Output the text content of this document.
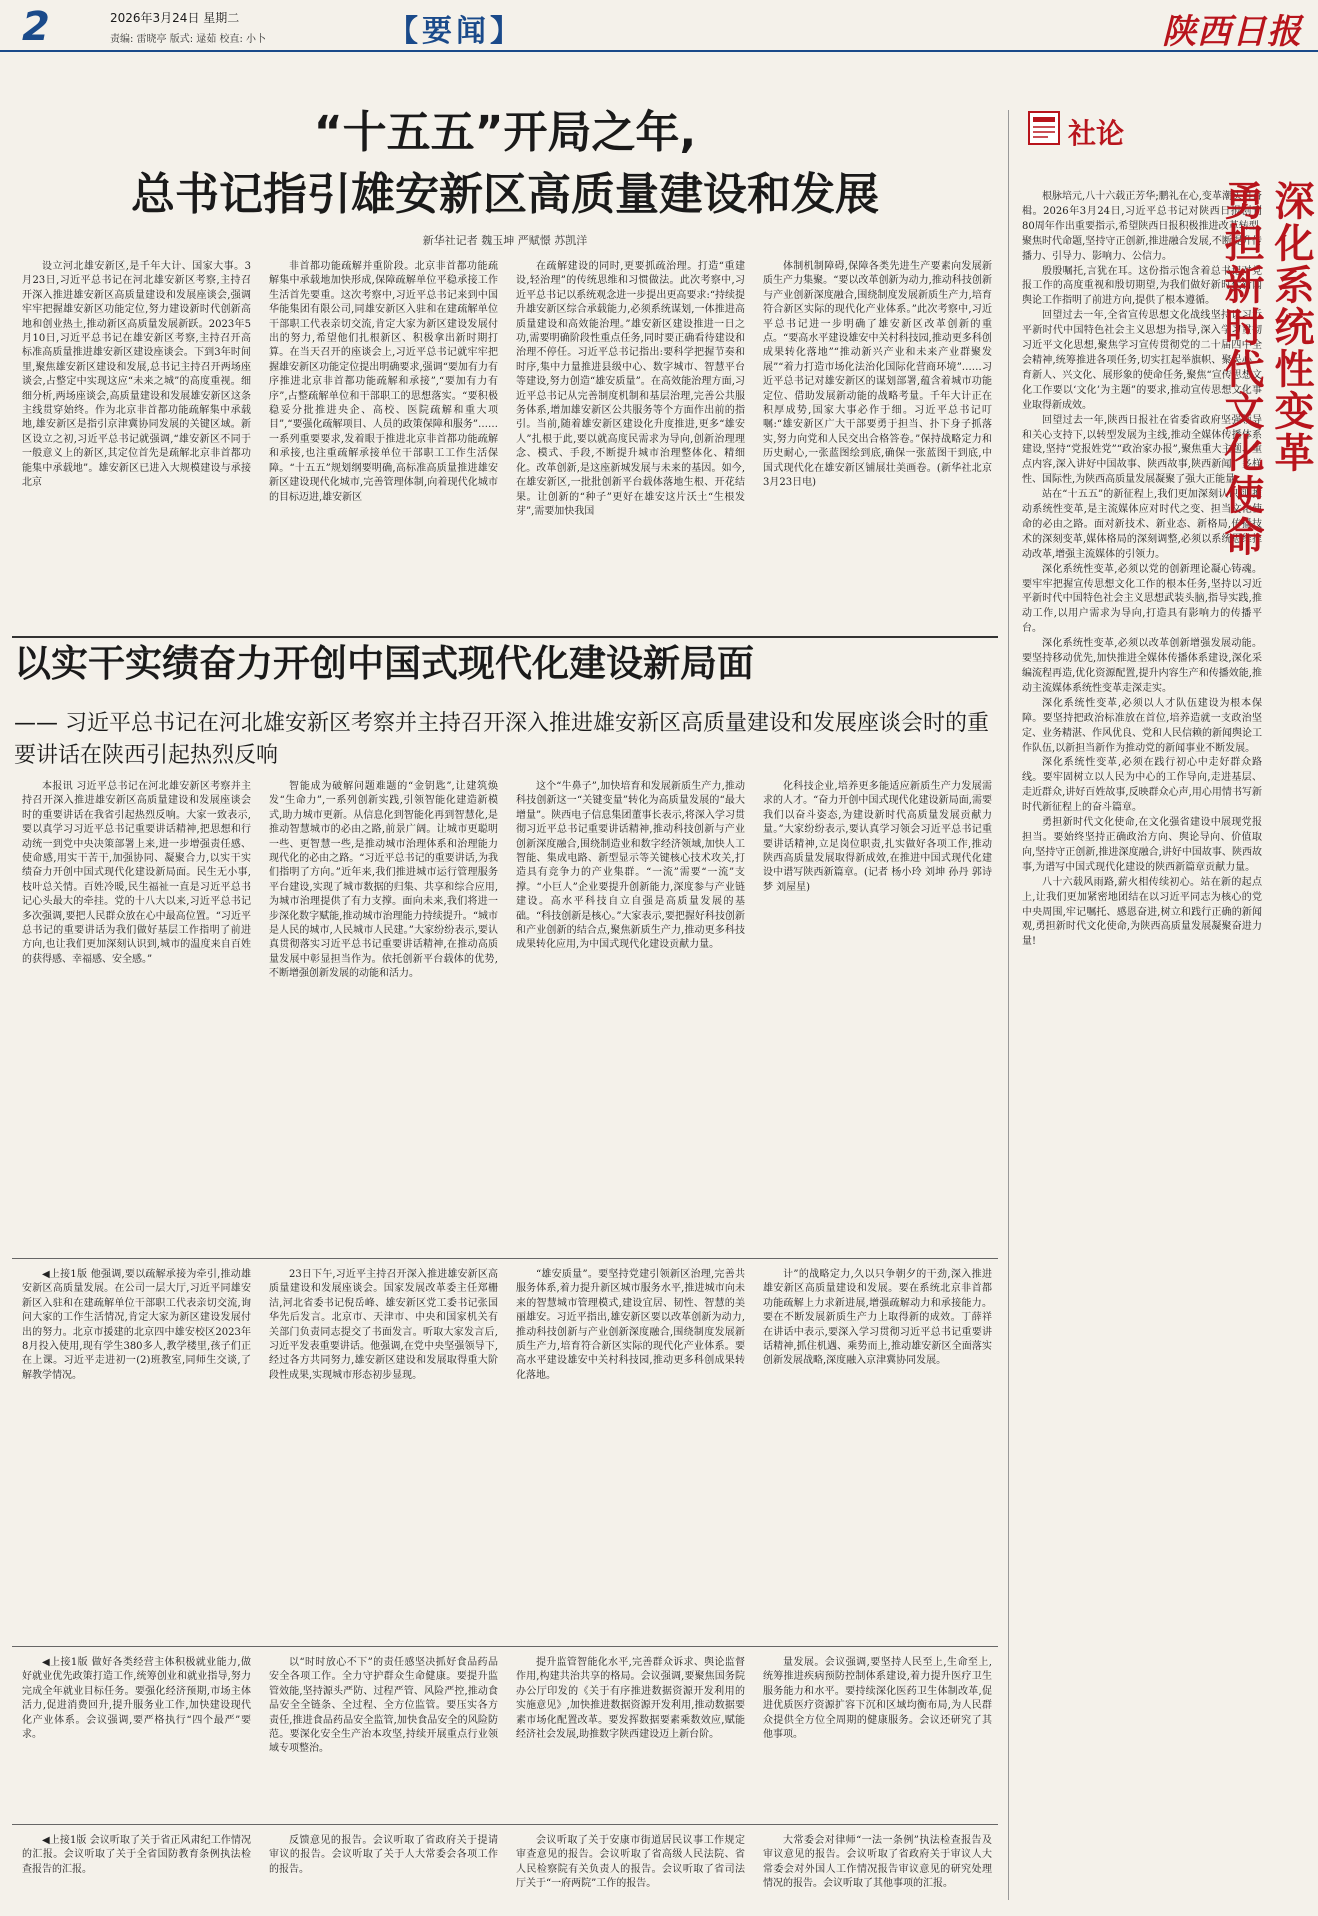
2	2026年3月24日 星期二
责编: 雷晓亭 版式: 逯茹 校直: 小卜	【要闻】	陕西日报
“十五五”开局之年,
总书记指引雄安新区高质量建设和发展
新华社记者 魏玉坤 严赋憬 苏凯洋

设立河北雄安新区,是千年大计、国家大事。3月23日,习近平总书记在河北雄安新区考察,主持召开深入推进雄安新区高质量建设和发展座谈会,强调牢牢把握雄安新区功能定位,努力建设新时代创新高地和创业热土,推动新区高质量发展新跃。2023年5月10日,习近平总书记在雄安新区考察,主持召开高标准高质量推进雄安新区建设座谈会。下到3年时间里,聚焦雄安新区建设和发展,总书记主持召开两场座谈会,占整定中实现这应“未来之城”的高度重视。细细分析,两场座谈会,高质量建设和发展雄安新区这条主线贯穿始终。作为北京非首都功能疏解集中承载地,雄安新区是指引京津冀协同发展的关键区域。新区设立之初,习近平总书记就强调,“雄安新区不同于一般意义上的新区,其定位首先是疏解北京非首都功能集中承载地”。雄安新区已进入大规模建设与承接北京

非首都功能疏解并重阶段。北京非首都功能疏解集中承载地加快形成,保障疏解单位平稳承接工作生活首先要重。这次考察中,习近平总书记来到中国华能集团有限公司,同雄安新区入驻和在建疏解单位干部职工代表亲切交流,肯定大家为新区建设发展付出的努力,希望他们扎根新区、积极拿出新时期打算。在当天召开的座谈会上,习近平总书记就牢牢把握雄安新区功能定位提出明确要求,强调“要加有力有序推进北京非首都功能疏解和承接”,“要加有力有序”,占整疏解单位和干部职工的思想落实。“要积极稳妥分批推进央企、高校、医院疏解和重大项目”,“要强化疏解项目、人员的政策保障和服务”……一系列重要要求,发着眼于推进北京非首都功能疏解和承接,也注重疏解承接单位干部职工工作生活保障。“十五五”规划纲要明确,高标准高质量推进雄安新区建设现代化城市,完善管理体制,向着现代化城市的目标迈进,雄安新区

在疏解建设的同时,更要抓疏治理。打造“重建设,轻治理”的传统思维和习惯做法。此次考察中,习近平总书记以系统观念进一步提出更高要求:“持续提升雄安新区综合承载能力,必须系统谋划,一体推进高质量建设和高效能治理。”雄安新区建设推进一日之功,需要明确阶段性重点任务,同时要正确看待建设和治理不停任。习近平总书记指出:要科学把握节奏和时序,集中力量推进县级中心、数字城市、智慧平台等建设,努力创造“雄安质量”。在高效能治理方面,习近平总书记从完善制度机制和基层治理,完善公共服务体系,增加雄安新区公共服务等个方面作出前的指引。当前,随着雄安新区建设化升度推进,更多“雄安人”扎根于此,要以就高度民需求为导向,创新治理理念、模式、手段,不断提升城市治理整体化、精细化。改革创新,是这座新城发展与未来的基因。如今,在雄安新区,一批批创新平台载体落地生根、开花结果。让创新的“种子”更好在雄安这片沃土“生根发芽”,需要加快我国

体制机制障碍,保障各类先进生产要素向发展新质生产力集聚。“要以改革创新为动力,推动科技创新与产业创新深度融合,围绕制度发展新质生产力,培育符合新区实际的现代化产业体系。”此次考察中,习近平总书记进一步明确了雄安新区改革创新的重点。“要高水平建设雄安中关村科技园,推动更多科创成果转化落地”“推动新兴产业和未来产业群聚发展”“着力打造市场化法治化国际化营商环境”……习近平总书记对雄安新区的谋划部署,蕴含着城市功能定位、借助发展新动能的战略考量。千年大计正在积厚成势,国家大事必作于细。习近平总书记叮嘱:“雄安新区广大干部要勇于担当、扑下身子抓落实,努力向党和人民交出合格答卷。”保持战略定力和历史耐心,一张蓝图绘到底,确保一张蓝图干到底,中国式现代化在雄安新区铺展壮美画卷。(新华社北京3月23日电)

以实干实绩奋力开创中国式现代化建设新局面
—— 习近平总书记在河北雄安新区考察并主持召开深入推进雄安新区高质量建设和发展座谈会时的重要讲话在陕西引起热烈反响

本报讯 习近平总书记在河北雄安新区考察并主持召开深入推进雄安新区高质量建设和发展座谈会时的重要讲话在我省引起热烈反响。大家一致表示,要以真学习习近平总书记重要讲话精神,把思想和行动统一到党中央决策部署上来,进一步增强责任感、使命感,用实干苦干,加强协同、凝聚合力,以实干实绩奋力开创中国式现代化建设新局面。民生无小事,枝叶总关情。百姓冷暖,民生福祉一直是习近平总书记心头最大的牵挂。党的十八大以来,习近平总书记多次强调,要把人民群众放在心中最高位置。“习近平总书记的重要讲话为我们做好基层工作指明了前进方向,也让我们更加深刻认识到,城市的温度来自百姓的获得感、幸福感、安全感。”

智能成为破解问题难题的“金钥匙”,让建筑焕发“生命力”,一系列创新实践,引领智能化建造新模式,助力城市更新。从信息化到智能化再到智慧化,是推动智慧城市的必由之路,前景广阔。让城市更聪明一些、更智慧一些,是推动城市治理体系和治理能力现代化的必由之路。“习近平总书记的重要讲话,为我们指明了方向。”近年来,我们推进城市运行管理服务平台建设,实现了城市数据的归集、共享和综合应用,为城市治理提供了有力支撑。面向未来,我们将进一步深化数字赋能,推动城市治理能力持续提升。“城市是人民的城市,人民城市人民建。”大家纷纷表示,要认真贯彻落实习近平总书记重要讲话精神,在推动高质量发展中彰显担当作为。依托创新平台载体的优势,不断增强创新发展的动能和活力。

这个“牛鼻子”,加快培育和发展新质生产力,推动科技创新这一“关键变量”转化为高质量发展的“最大增量”。陕西电子信息集团董事长表示,将深入学习贯彻习近平总书记重要讲话精神,推动科技创新与产业创新深度融合,围绕制造业和数字经济领域,加快人工智能、集成电路、新型显示等关键核心技术攻关,打造具有竞争力的产业集群。“一流”需要“一流”支撑。“小巨人”企业要提升创新能力,深度参与产业链建设。高水平科技自立自强是高质量发展的基础。“科技创新是核心。”大家表示,要把握好科技创新和产业创新的结合点,聚焦新质生产力,推动更多科技成果转化应用,为中国式现代化建设贡献力量。

化科技企业,培养更多能适应新质生产力发展需求的人才。“奋力开创中国式现代化建设新局面,需要我们以奋斗姿态,为建设新时代高质量发展贡献力量。”大家纷纷表示,要认真学习领会习近平总书记重要讲话精神,立足岗位职责,扎实做好各项工作,推动陕西高质量发展取得新成效,在推进中国式现代化建设中谱写陕西新篇章。(记者 杨小玲 刘坤 孙丹 郭诗梦 刘屋星)

◀上接1版 他强调,要以疏解承接为牵引,推动雄安新区高质量发展。在公司一层大厅,习近平同雄安新区入驻和在建疏解单位干部职工代表亲切交流,询问大家的工作生活情况,肯定大家为新区建设发展付出的努力。北京市援建的北京四中雄安校区2023年8月投入使用,现有学生380多人,教学楼里,孩子们正在上课。习近平走进初一(2)班教室,同师生交谈,了解教学情况。

23日下午,习近平主持召开深入推进雄安新区高质量建设和发展座谈会。国家发展改革委主任郑栅洁,河北省委书记倪岳峰、雄安新区党工委书记张国华先后发言。北京市、天津市、中央和国家机关有关部门负责同志提交了书面发言。听取大家发言后,习近平发表重要讲话。他强调,在党中央坚强领导下,经过各方共同努力,雄安新区建设和发展取得重大阶段性成果,实现城市形态初步显现。

“雄安质量”。要坚持党建引领新区治理,完善共服务体系,着力提升新区城市服务水平,推进城市向未来的智慧城市管理模式,建设宜居、韧性、智慧的美丽雄安。习近平指出,雄安新区要以改革创新为动力,推动科技创新与产业创新深度融合,围绕制度发展新质生产力,培育符合新区实际的现代化产业体系。要高水平建设雄安中关村科技园,推动更多科创成果转化落地。

计”的战略定力,久以只争朝夕的干劲,深入推进雄安新区高质量建设和发展。要在系统北京非首都功能疏解上力求新进展,增强疏解动力和承接能力。要在不断发展新质生产力上取得新的成效。丁薛祥在讲话中表示,要深入学习贯彻习近平总书记重要讲话精神,抓住机遇、乘势而上,推动雄安新区全面落实创新发展战略,深度融入京津冀协同发展。

◀上接1版 做好各类经营主体积极就业能力,做好就业优先政策打造工作,统筹创业和就业指导,努力完成全年就业目标任务。要强化经济预期,市场主体活力,促进消费回升,提升服务业工作,加快建设现代化产业体系。会议强调,要严格执行“四个最严”要求。

以“时时放心不下”的责任感坚决抓好食品药品安全各项工作。全力守护群众生命健康。要提升监管效能,坚持源头严防、过程严管、风险严控,推动食品安全全链条、全过程、全方位监管。要压实各方责任,推进食品药品安全监管,加快食品安全的风险防范。要深化安全生产治本攻坚,持续开展重点行业领域专项整治。

提升监管智能化水平,完善群众诉求、舆论监督作用,构建共治共享的格局。会议强调,要聚焦国务院办公厅印发的《关于有序推进数据资源开发利用的实施意见》,加快推进数据资源开发利用,推动数据要素市场化配置改革。要发挥数据要素乘数效应,赋能经济社会发展,助推数字陕西建设迈上新台阶。

量发展。会议强调,要坚持人民至上,生命至上,统筹推进疾病预防控制体系建设,着力提升医疗卫生服务能力和水平。要持续深化医药卫生体制改革,促进优质医疗资源扩容下沉和区域均衡布局,为人民群众提供全方位全周期的健康服务。会议还研究了其他事项。

◀上接1版 会议听取了关于省正风肃纪工作情况的汇报。会议听取了关于全省国防教育条例执法检查报告的汇报。

反馈意见的报告。会议听取了省政府关于提请审议的报告。会议听取了关于人大常委会各项工作的报告。

会议听取了关于安康市街道居民议事工作规定审查意见的报告。会议听取了省高级人民法院、省人民检察院有关负责人的报告。会议听取了省司法厅关于“一府两院”工作的报告。

大常委会对律师“一法一条例”执法检查报告及审议意见的报告。会议听取了省政府关于审议人大常委会对外国人工作情况报告审议意见的研究处理情况的报告。会议听取了其他事项的汇报。

社论

根脉培元,八十六载正芳华;鹏礼在心,变革潮头再奋楫。2026年3月24日,习近平总书记对陕西日报创刊80周年作出重要指示,希望陕西日报积极推进改革转型,聚焦时代命题,坚持守正创新,推进融合发展,不断提升传播力、引导力、影响力、公信力。

殷殷嘱托,言犹在耳。这份指示饱含着总书记对党报工作的高度重视和殷切期望,为我们做好新时代新闻舆论工作指明了前进方向,提供了根本遵循。

回望过去一年,全省宣传思想文化战线坚持以习近平新时代中国特色社会主义思想为指导,深入学习贯彻习近平文化思想,聚焦学习宣传贯彻党的二十届四中全会精神,统筹推进各项任务,切实扛起举旗帜、聚民心、育新人、兴文化、展形象的使命任务,聚焦“宣传思想文化工作要以‘文化’为主题”的要求,推动宣传思想文化事业取得新成效。

回望过去一年,陕西日报社在省委省政府坚强领导和关心支持下,以转型发展为主线,推动全媒体传播体系建设,坚持“党报姓党”“政治家办报”,聚焦重大主题、重点内容,深入讲好中国故事、陕西故事,陕西新闻、多样性、国际性,为陕西高质量发展凝聚了强大正能量。

站在“十五五”的新征程上,我们更加深刻认识到,推动系统性变革,是主流媒体应对时代之变、担当文化使命的必由之路。面对新技术、新业态、新格局,传播技术的深刻变革,媒体格局的深刻调整,必须以系统思维推动改革,增强主流媒体的引领力。

深化系统性变革,必须以党的创新理论凝心铸魂。要牢牢把握宣传思想文化工作的根本任务,坚持以习近平新时代中国特色社会主义思想武装头脑,指导实践,推动工作,以用户需求为导向,打造具有影响力的传播平台。

深化系统性变革,必须以改革创新增强发展动能。要坚持移动优先,加快推进全媒体传播体系建设,深化采编流程再造,优化资源配置,提升内容生产和传播效能,推动主流媒体系统性变革走深走实。

深化系统性变革,必须以人才队伍建设为根本保障。要坚持把政治标准放在首位,培养造就一支政治坚定、业务精湛、作风优良、党和人民信赖的新闻舆论工作队伍,以新担当新作为推动党的新闻事业不断发展。

深化系统性变革,必须在践行初心中走好群众路线。要牢固树立以人民为中心的工作导向,走进基层、走近群众,讲好百姓故事,反映群众心声,用心用情书写新时代新征程上的奋斗篇章。

勇担新时代文化使命,在文化强省建设中展现党报担当。要始终坚持正确政治方向、舆论导向、价值取向,坚持守正创新,推进深度融合,讲好中国故事、陕西故事,为谱写中国式现代化建设的陕西新篇章贡献力量。

八十六载风雨路,薪火相传续初心。站在新的起点上,让我们更加紧密地团结在以习近平同志为核心的党中央周围,牢记嘱托、感恩奋进,树立和践行正确的新闻观,勇担新时代文化使命,为陕西高质量发展凝聚奋进力量!

深化系统性变革
勇担新时代文化使命
